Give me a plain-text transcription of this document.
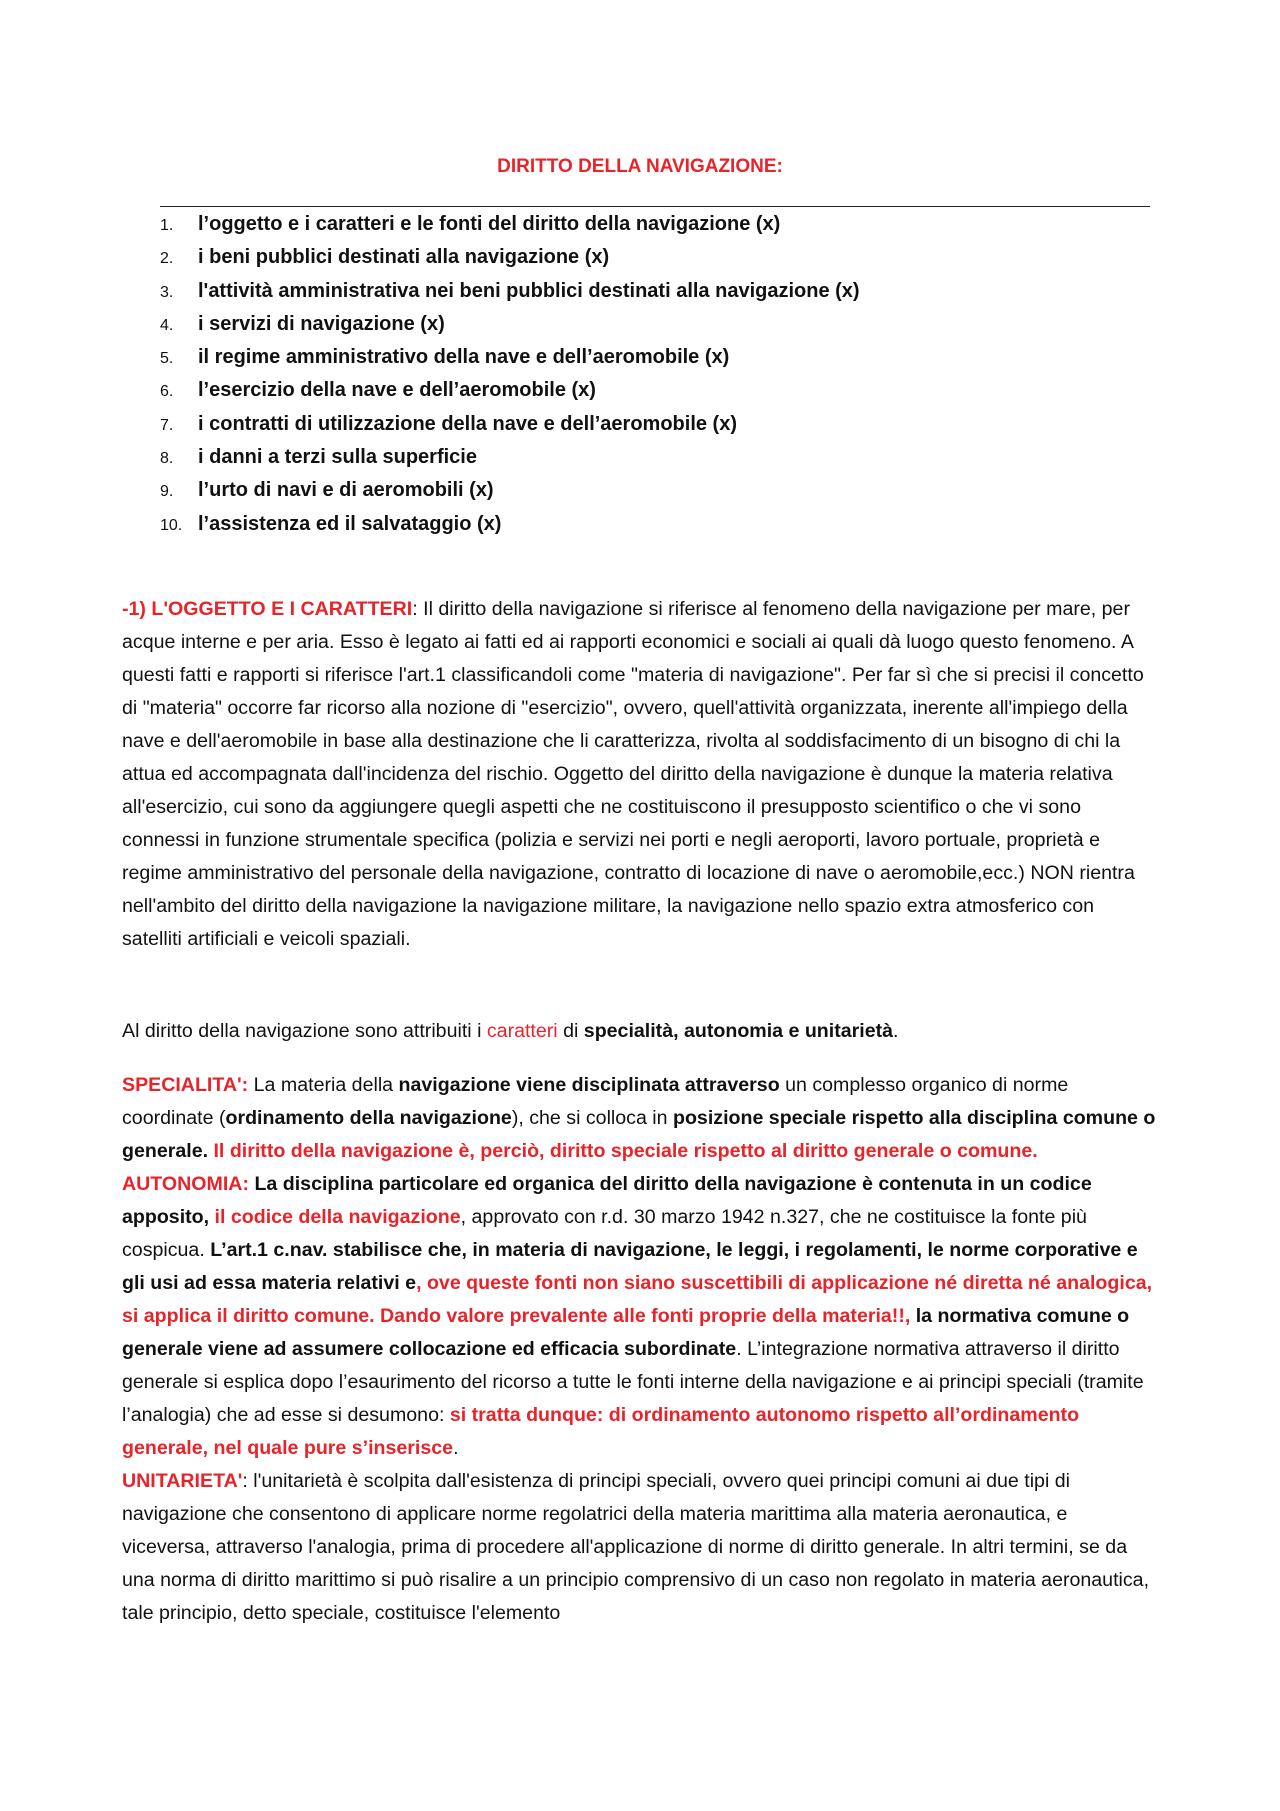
DIRITTO DELLA NAVIGAZIONE:
1. l’oggetto e i caratteri e le fonti del diritto della navigazione (x)
2. i beni pubblici destinati alla navigazione (x)
3. l'attività amministrativa nei beni pubblici destinati alla navigazione (x)
4. i servizi di navigazione (x)
5. il regime amministrativo della nave e dell’aeromobile (x)
6. l’esercizio della nave e dell’aeromobile (x)
7. i contratti di utilizzazione della nave e dell’aeromobile (x)
8. i danni a terzi sulla superficie
9. l’urto di navi e di aeromobili (x)
10. l’assistenza ed il salvataggio (x)

-1) L'OGGETTO E I CARATTERI: Il diritto della navigazione si riferisce al fenomeno della navigazione per mare, per acque interne e per aria. Esso è legato ai fatti ed ai rapporti economici e sociali ai quali dà luogo questo fenomeno. A questi fatti e rapporti si riferisce l'art.1 classificandoli come "materia di navigazione". Per far sì che si precisi il concetto di "materia" occorre far ricorso alla nozione di "esercizio", ovvero, quell'attività organizzata, inerente all'impiego della nave e dell'aeromobile in base alla destinazione che li caratterizza, rivolta al soddisfacimento di un bisogno di chi la attua ed accompagnata dall'incidenza del rischio. Oggetto del diritto della navigazione è dunque la materia relativa all'esercizio, cui sono da aggiungere quegli aspetti che ne costituiscono il presupposto scientifico o che vi sono connessi in funzione strumentale specifica (polizia e servizi nei porti e negli aeroporti, lavoro portuale, proprietà e regime amministrativo del personale della navigazione, contratto di locazione di nave o aeromobile,ecc.) NON rientra nell'ambito del diritto della navigazione la navigazione militare, la navigazione nello spazio extra atmosferico con satelliti artificiali e veicoli spaziali.

Al diritto della navigazione sono attribuiti i caratteri di specialità, autonomia e unitarietà.

SPECIALITA': La materia della navigazione viene disciplinata attraverso un complesso organico di norme coordinate (ordinamento della navigazione), che si colloca in posizione speciale rispetto alla disciplina comune o generale. Il diritto della navigazione è, perciò, diritto speciale rispetto al diritto generale o comune.

AUTONOMIA: La disciplina particolare ed organica del diritto della navigazione è contenuta in un codice apposito, il codice della navigazione, approvato con r.d. 30 marzo 1942 n.327, che ne costituisce la fonte più cospicua. L’art.1 c.nav. stabilisce che, in materia di navigazione, le leggi, i regolamenti, le norme corporative e gli usi ad essa materia relativi e, ove queste fonti non siano suscettibili di applicazione né diretta né analogica, si applica il diritto comune. Dando valore prevalente alle fonti proprie della materia!!, la normativa comune o generale viene ad assumere collocazione ed efficacia subordinate. L’integrazione normativa attraverso il diritto generale si esplica dopo l’esaurimento del ricorso a tutte le fonti interne della navigazione e ai principi speciali (tramite l’analogia) che ad esse si desumono: si tratta dunque: di ordinamento autonomo rispetto all’ordinamento generale, nel quale pure s’inserisce.

UNITARIETA': l'unitarietà è scolpita dall'esistenza di principi speciali, ovvero quei principi comuni ai due tipi di navigazione che consentono di applicare norme regolatrici della materia marittima alla materia aeronautica, e viceversa, attraverso l'analogia, prima di procedere all'applicazione di norme di diritto generale. In altri termini, se da una norma di diritto marittimo si può risalire a un principio comprensivo di un caso non regolato in materia aeronautica, tale principio, detto speciale, costituisce l'elemento
